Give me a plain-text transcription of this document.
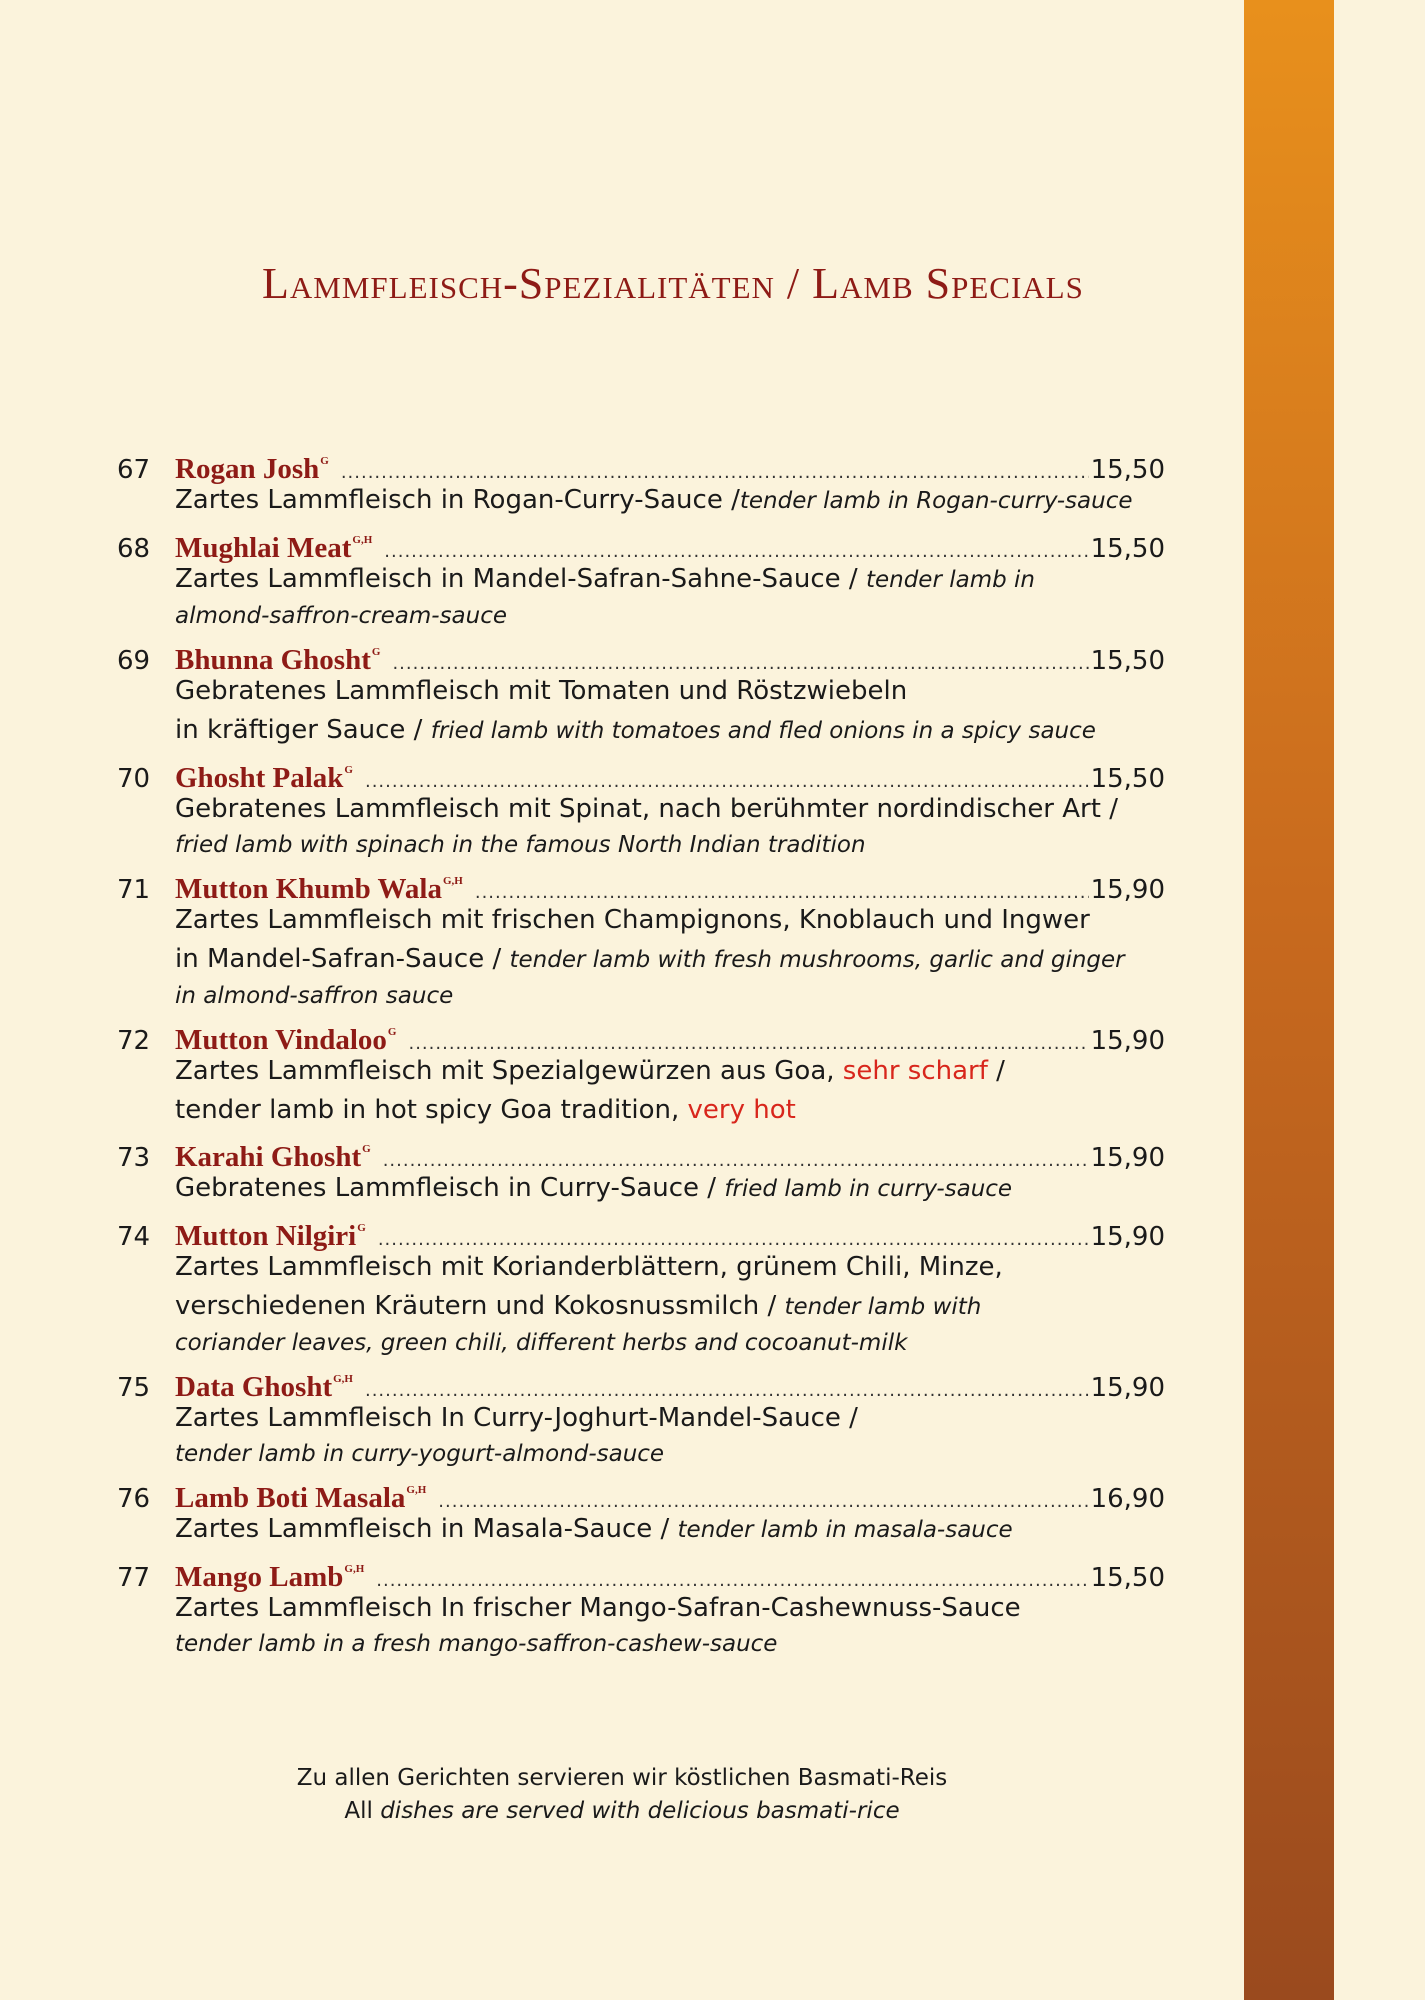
Lammfleisch-Spezialitäten / Lamb Specials
67 Rogan Josh$^G$ .....	15,50
Zartes Lammfleisch in Rogan-Curry-Sauce /tender lamb in Rogan-curry-sauce
68 Mughlai Meat$^{G,H}$ .....	15,50
Zartes Lammfleisch in Mandel-Safran-Sahne-Sauce / tender lamb in
almond-saffron-cream-sauce
69 Bhunna Ghosht$^G$ .....	15,50
Gebratenes Lammfleisch mit Tomaten und Röstzwiebeln
in kräftiger Sauce / fried lamb with tomatoes and fled onions in a spicy sauce
70 Ghosht Palak$^G$ .....	15,50
Gebratenes Lammfleisch mit Spinat, nach berühmter nordindischer Art /
fried lamb with spinach in the famous North Indian tradition
71 Mutton Khumb Wala$^{G,H}$ .....	15,90
Zartes Lammfleisch mit frischen Champignons, Knoblauch und Ingwer
in Mandel-Safran-Sauce / tender lamb with fresh mushrooms, garlic and ginger
in almond-saffron sauce
72 Mutton Vindaloo$^G$ .....	15,90
Zartes Lammfleisch mit Spezialgewürzen aus Goa, sehr scharf /
tender lamb in hot spicy Goa tradition, very hot
73 Karahi Ghosht$^G$ .....	15,90
Gebratenes Lammfleisch in Curry-Sauce / fried lamb in curry-sauce
74 Mutton Nilgiri$^G$ .....	15,90
Zartes Lammfleisch mit Korianderblättern, grünem Chili, Minze,
verschiedenen Kräutern und Kokosnussmilch / tender lamb with
coriander leaves, green chili, different herbs and cocoanut-milk
75 Data Ghosht$^{G,H}$ .....	15,90
Zartes Lammfleisch In Curry-Joghurt-Mandel-Sauce /
tender lamb in curry-yogurt-almond-sauce
76 Lamb Boti Masala$^{G,H}$ .....	16,90
Zartes Lammfleisch in Masala-Sauce / tender lamb in masala-sauce
77 Mango Lamb$^{G,H}$ .....	15,50
Zartes Lammfleisch In frischer Mango-Safran-Cashewnuss-Sauce
tender lamb in a fresh mango-saffron-cashew-sauce
Zu allen Gerichten servieren wir köstlichen Basmati-Reis
All dishes are served with delicious basmati-rice
